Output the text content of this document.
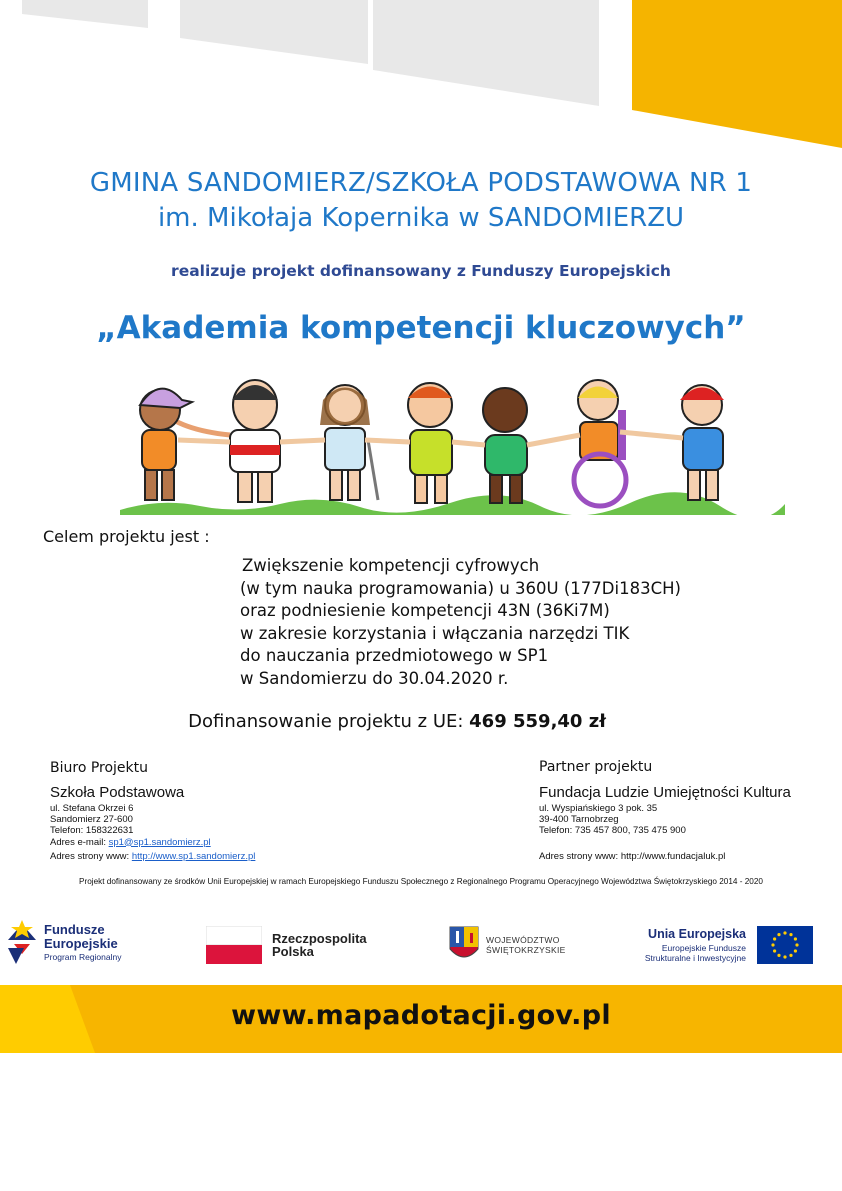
GMINA SANDOMIERZ/SZKOŁA PODSTAWOWA NR 1
im. Mikołaja Kopernika w SANDOMIERZU
realizuje projekt dofinansowany z Funduszy Europejskich
„Akademia kompetencji kluczowych”
Celem projektu jest :
Zwiększenie kompetencji cyfrowych
(w tym nauka programowania) u 360U (177Di183CH)
oraz podniesienie kompetencji 43N (36Ki7M)
w zakresie korzystania i włączania narzędzi TIK
do nauczania przedmiotowego w SP1
w Sandomierzu do 30.04.2020 r.
Dofinansowanie projektu z UE: 469 559,40 zł
Biuro Projektu	Partner projektu
Szkoła Podstawowa	Fundacja Ludzie Umiejętności Kultura
ul. Stefana Okrzei 6
Sandomierz 27-600
Telefon: 158322631
Adres e-mail: sp1@sp1.sandomierz.pl
Adres strony www: http://www.sp1.sandomierz.pl
ul. Wyspiańskiego 3 pok. 35
39-400 Tarnobrzeg
Telefon: 735 457 800, 735 475 900
Adres strony www: http://www.fundacjaluk.pl
Projekt dofinansowany ze środków Unii Europejskiej w ramach Europejskiego Funduszu Społecznego z Regionalnego Programu Operacyjnego Województwa Świętokrzyskiego 2014 - 2020
Fundusze
Europejskie
Program Regionalny
Rzeczpospolita
Polska
WOJEWÓDZTWO
ŚWIĘTOKRZYSKIE
Unia Europejska
Europejskie Fundusze
Strukturalne i Inwestycyjne
www.mapadotacji.gov.pl
